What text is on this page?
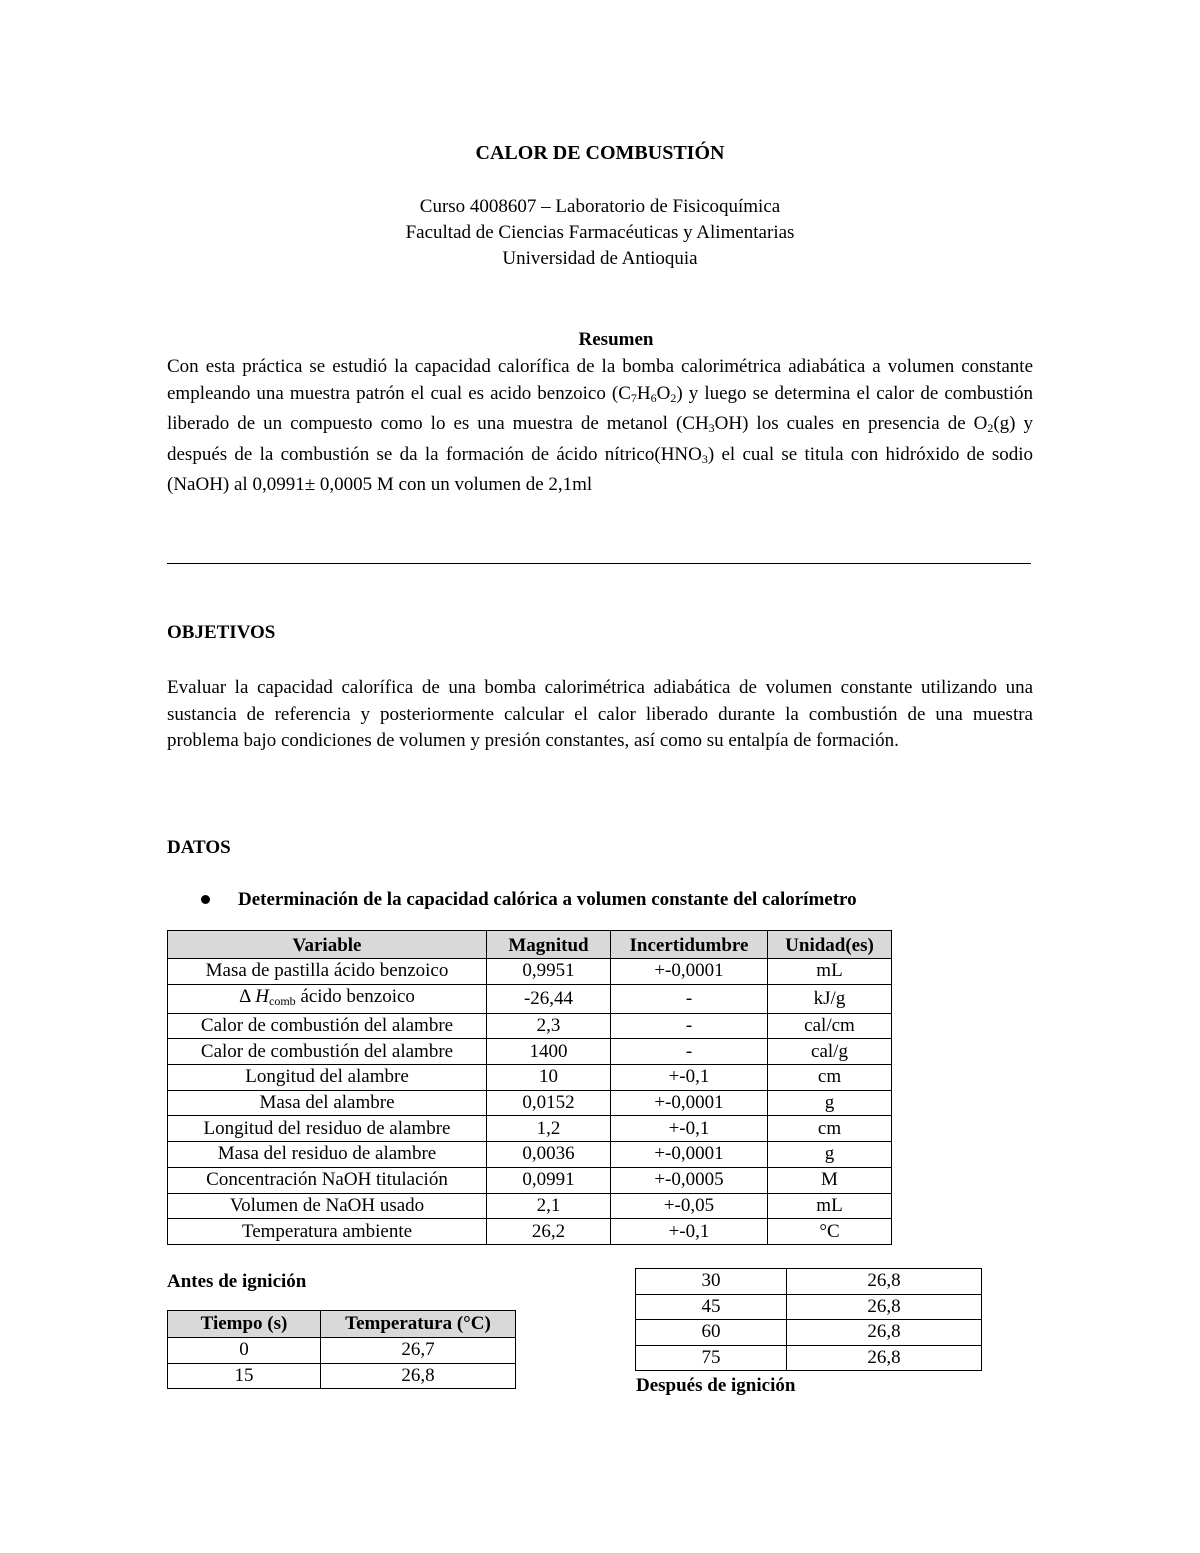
CALOR DE COMBUSTIÓN
Curso 4008607 – Laboratorio de Fisicoquímica
Facultad de Ciencias Farmacéuticas y Alimentarias
Universidad de Antioquia
Resumen
Con esta práctica se estudió la capacidad calorífica de la bomba calorimétrica adiabática a volumen constante empleando una muestra patrón el cual es acido benzoico $(C_7H_6O_2)$ y luego se determina el calor de combustión liberado de un compuesto como lo es una muestra de metanol $(CH_3OH)$ los cuales en presencia de $O_2(g)$ y después de la combustión se da la formación de ácido $nítrico(HNO_3)$ el cual se titula con hidróxido de sodio (NaOH) al 0,0991± 0,0005 M con un volumen de 2,1ml
OBJETIVOS
Evaluar la capacidad calorífica de una bomba calorimétrica adiabática de volumen constante utilizando una sustancia de referencia y posteriormente calcular el calor liberado durante la combustión de una muestra problema bajo condiciones de volumen y presión constantes, así como su entalpía de formación.
DATOS
Determinación de la capacidad calórica a volumen constante del calorímetro
Variable	Magnitud	Incertidumbre	Unidad(es)
Masa de pastilla ácido benzoico	0,9951	+-0,0001	mL
Δ $H_{comb}$ ácido benzoico	-26,44	-	kJ/g
Calor de combustión del alambre	2,3	-	cal/cm
Calor de combustión del alambre	1400	-	cal/g
Longitud del alambre	10	+-0,1	cm
Masa del alambre	0,0152	+-0,0001	g
Longitud del residuo de alambre	1,2	+-0,1	cm
Masa del residuo de alambre	0,0036	+-0,0001	g
Concentración NaOH titulación	0,0991	+-0,0005	M
Volumen de NaOH usado	2,1	+-0,05	mL
Temperatura ambiente	26,2	+-0,1	°C
Antes de ignición
Tiempo (s)	Temperatura (°C)
0	26,7
15	26,8
30	26,8
45	26,8
60	26,8
75	26,8
Después de ignición
